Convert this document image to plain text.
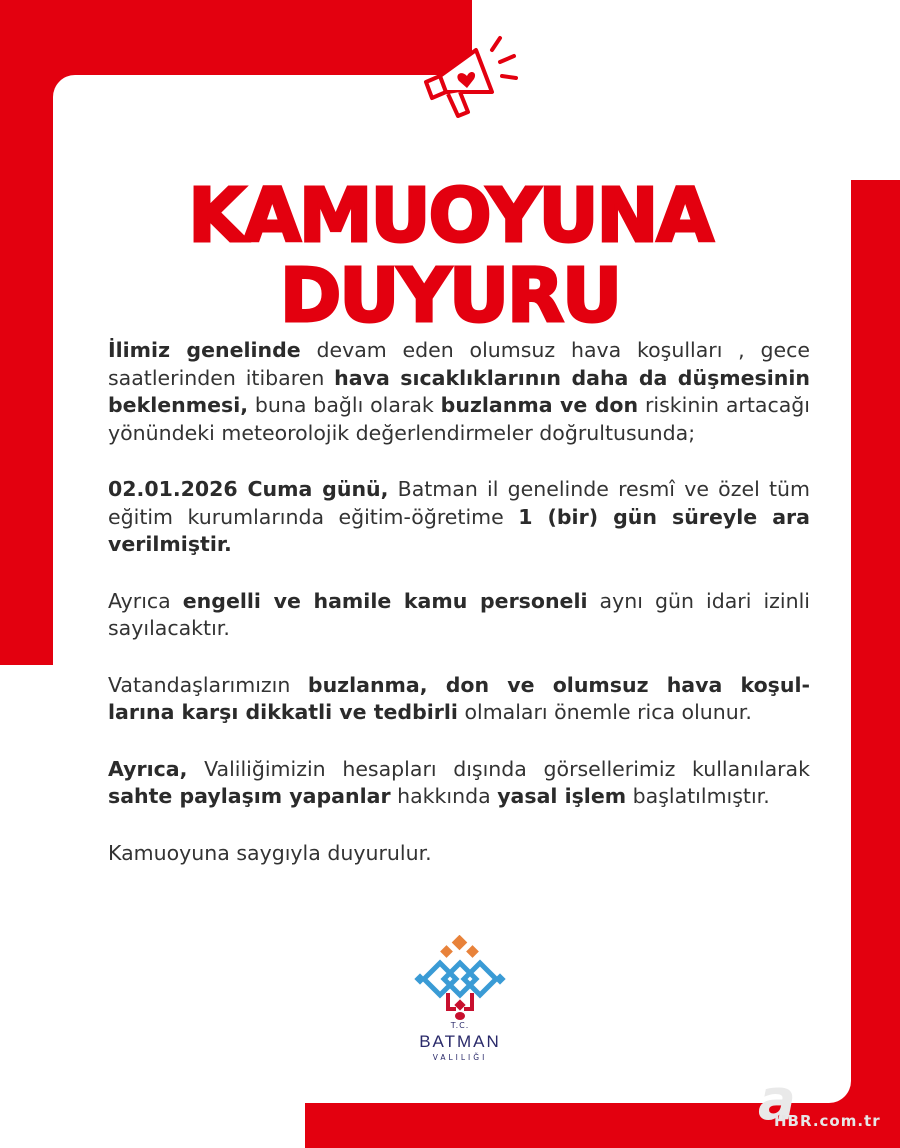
KAMUOYUNA
DUYURU

İlimiz genelinde devam eden olumsuz hava koşulları , gece saatlerinden itibaren hava sıcaklıklarının daha da düşmesinin beklenmesi, buna bağlı olarak buzlanma ve don riskinin artacağı yönündeki meteorolojik değerlendirmeler doğrultusunda;

02.01.2026 Cuma günü, Batman il genelinde resmî ve özel tüm eğitim kurumlarında eğitim-öğretime 1 (bir) gün süreyle ara verilmiştir.

Ayrıca engelli ve hamile kamu personeli aynı gün idari izinli sayılacaktır.

Vatandaşlarımızın buzlanma, don ve olumsuz hava koşul-larına karşı dikkatli ve tedbirli olmaları önemle rica olunur.

Ayrıca, Valiliğimizin hesapları dışında görsellerimiz kullanılarak sahte paylaşım yapanlar hakkında yasal işlem başlatılmıştır.

Kamuoyuna saygıyla duyurulur.

T.C.
BATMAN
VALILIĞI
a
HBR.com.tr
